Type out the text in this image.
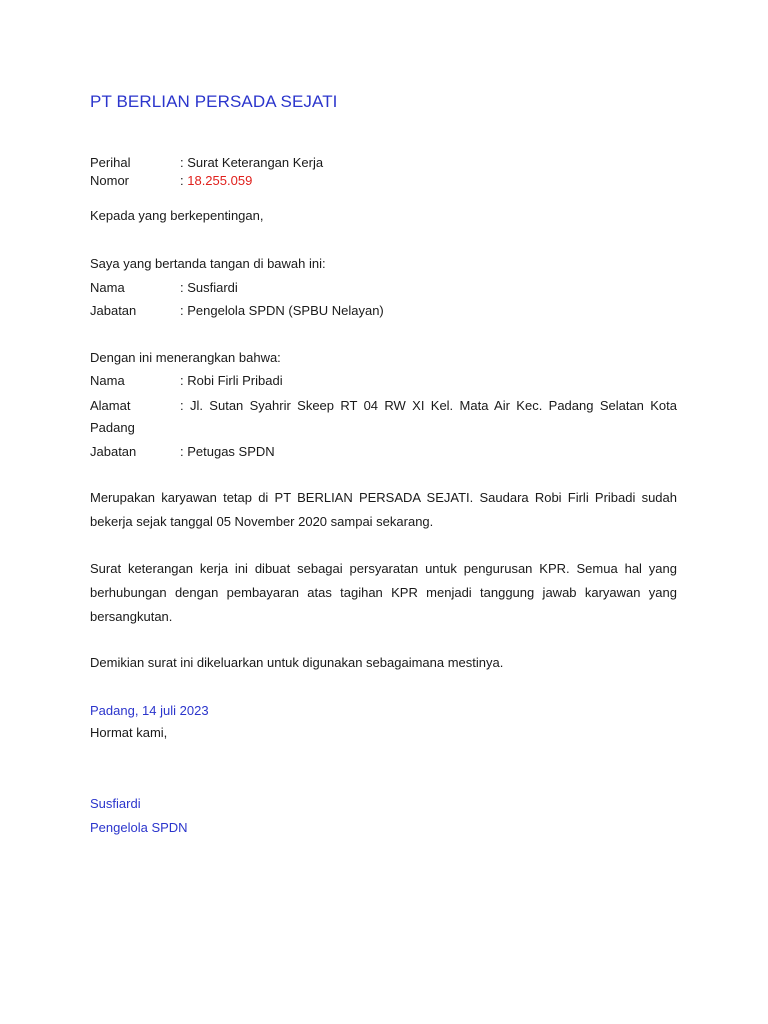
PT BERLIAN PERSADA SEJATI
Perihal	: Surat Keterangan Kerja
Nomor	: 18.255.059
Kepada yang berkepentingan,
Saya yang bertanda tangan di bawah ini:
Nama	: Susfiardi
Jabatan	: Pengelola SPDN (SPBU Nelayan)
Dengan ini menerangkan bahwa:
Nama	: Robi Firli Pribadi
Alamat	: Jl. Sutan Syahrir Skeep RT 04 RW XI Kel. Mata Air Kec. Padang Selatan Kota
Padang
Jabatan	: Petugas SPDN
Merupakan karyawan tetap di PT BERLIAN PERSADA SEJATI. Saudara Robi Firli Pribadi sudah
bekerja sejak tanggal 05 November 2020 sampai sekarang.
Surat keterangan kerja ini dibuat sebagai persyaratan untuk pengurusan KPR. Semua hal yang
berhubungan dengan pembayaran atas tagihan KPR menjadi tanggung jawab karyawan yang
bersangkutan.
Demikian surat ini dikeluarkan untuk digunakan sebagaimana mestinya.
Padang, 14 juli 2023
Hormat kami,
Susfiardi
Pengelola SPDN
